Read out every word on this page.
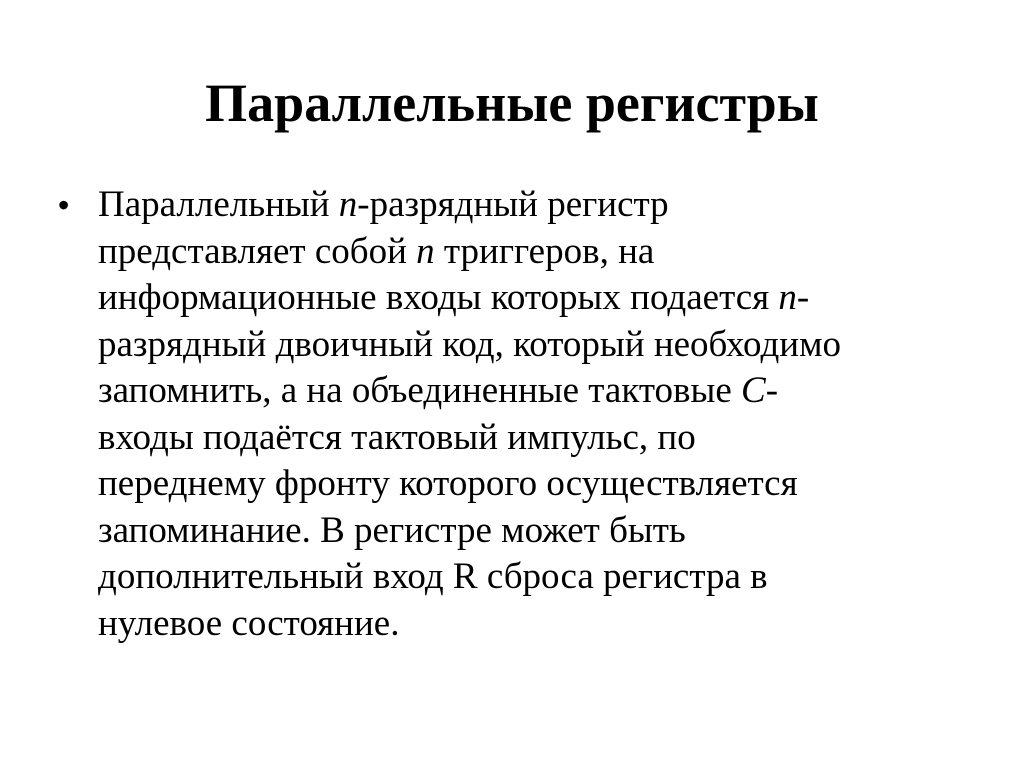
Параллельные регистры
• Параллельный n-разрядный регистр
представляет собой n триггеров, на
информационные входы которых подается n-
разрядный двоичный код, который необходимо
запомнить, а на объединенные тактовые С-
входы подаётся тактовый импульс, по
переднему фронту которого осуществляется
запоминание. В регистре может быть
дополнительный вход R сброса регистра в
нулевое состояние.
